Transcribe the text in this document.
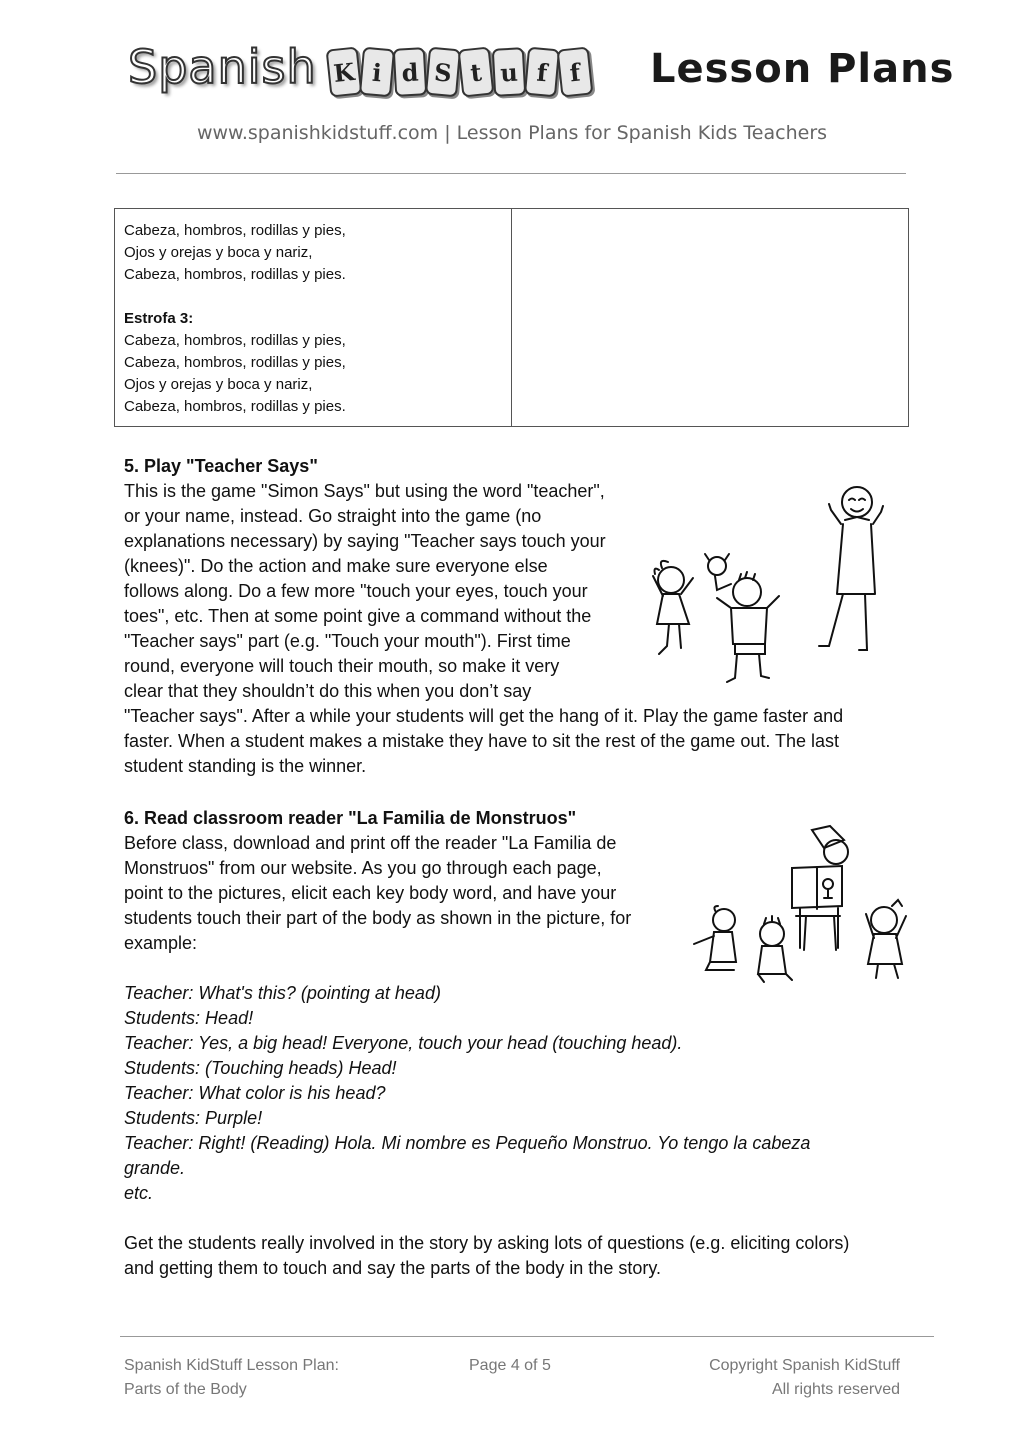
Spanish K i d S t u f f Lesson Plans
www.spanishkidstuff.com | Lesson Plans for Spanish Kids Teachers
Cabeza, hombros, rodillas y pies,
Ojos y orejas y boca y nariz,
Cabeza, hombros, rodillas y pies.
Estrofa 3:
Cabeza, hombros, rodillas y pies,
Cabeza, hombros, rodillas y pies,
Ojos y orejas y boca y nariz,
Cabeza, hombros, rodillas y pies.
5. Play "Teacher Says"
This is the game "Simon Says" but using the word "teacher",
or your name, instead. Go straight into the game (no
explanations necessary) by saying "Teacher says touch your
(knees)". Do the action and make sure everyone else
follows along. Do a few more "touch your eyes, touch your
toes", etc. Then at some point give a command without the
"Teacher says" part (e.g. "Touch your mouth"). First time
round, everyone will touch their mouth, so make it very
clear that they shouldn’t do this when you don’t say
"Teacher says". After a while your students will get the hang of it. Play the game faster and
faster. When a student makes a mistake they have to sit the rest of the game out. The last
student standing is the winner.
6. Read classroom reader "La Familia de Monstruos"
Before class, download and print off the reader "La Familia de
Monstruos" from our website. As you go through each page,
point to the pictures, elicit each key body word, and have your
students touch their part of the body as shown in the picture, for
example:
Teacher: What's this? (pointing at head)
Students: Head!
Teacher: Yes, a big head! Everyone, touch your head (touching head).
Students: (Touching heads) Head!
Teacher: What color is his head?
Students: Purple!
Teacher: Right! (Reading) Hola. Mi nombre es Pequeño Monstruo. Yo tengo la cabeza
grande.
etc.
Get the students really involved in the story by asking lots of questions (e.g. eliciting colors)
and getting them to touch and say the parts of the body in the story.
Spanish KidStuff Lesson Plan:
Parts of the Body
Page 4 of 5	Copyright Spanish KidStuff
All rights reserved
